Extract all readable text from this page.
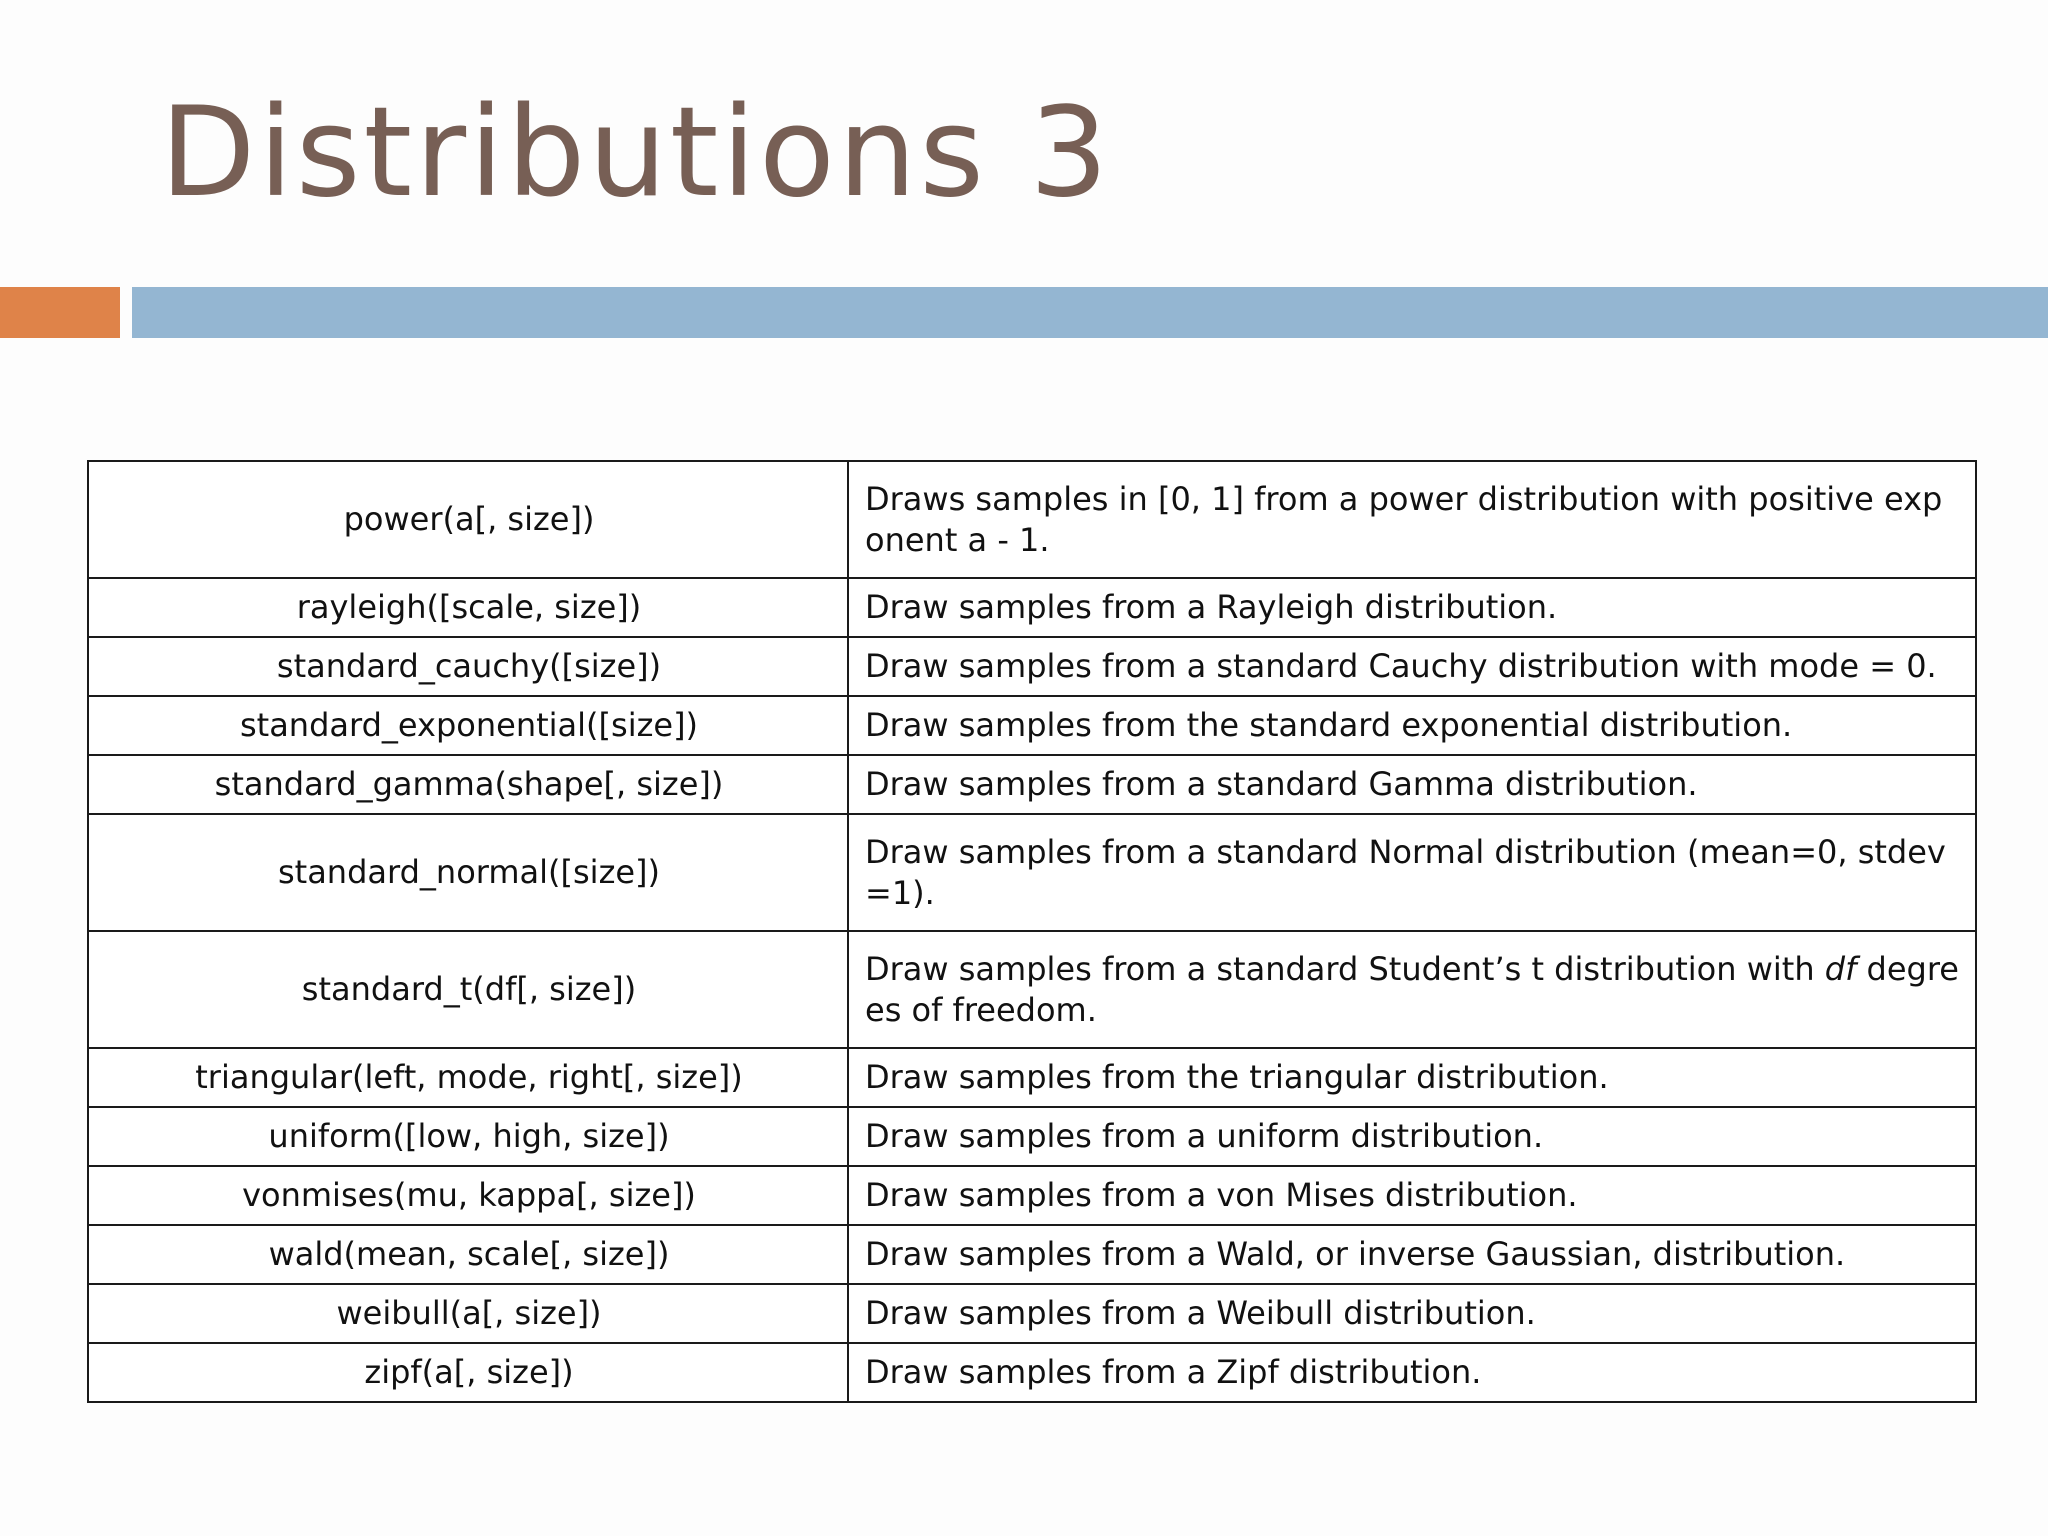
Distributions 3
power(a[, size])	Draws samples in [0, 1] from a power distribution with positive exponent a - 1.
rayleigh([scale, size])	Draw samples from a Rayleigh distribution.
standard_cauchy([size])	Draw samples from a standard Cauchy distribution with mode = 0.
standard_exponential([size])	Draw samples from the standard exponential distribution.
standard_gamma(shape[, size])	Draw samples from a standard Gamma distribution.
standard_normal([size])	Draw samples from a standard Normal distribution (mean=0, stdev=1).
standard_t(df[, size])	Draw samples from a standard Student’s t distribution with df degrees of freedom.
triangular(left, mode, right[, size])	Draw samples from the triangular distribution.
uniform([low, high, size])	Draw samples from a uniform distribution.
vonmises(mu, kappa[, size])	Draw samples from a von Mises distribution.
wald(mean, scale[, size])	Draw samples from a Wald, or inverse Gaussian, distribution.
weibull(a[, size])	Draw samples from a Weibull distribution.
zipf(a[, size])	Draw samples from a Zipf distribution.
